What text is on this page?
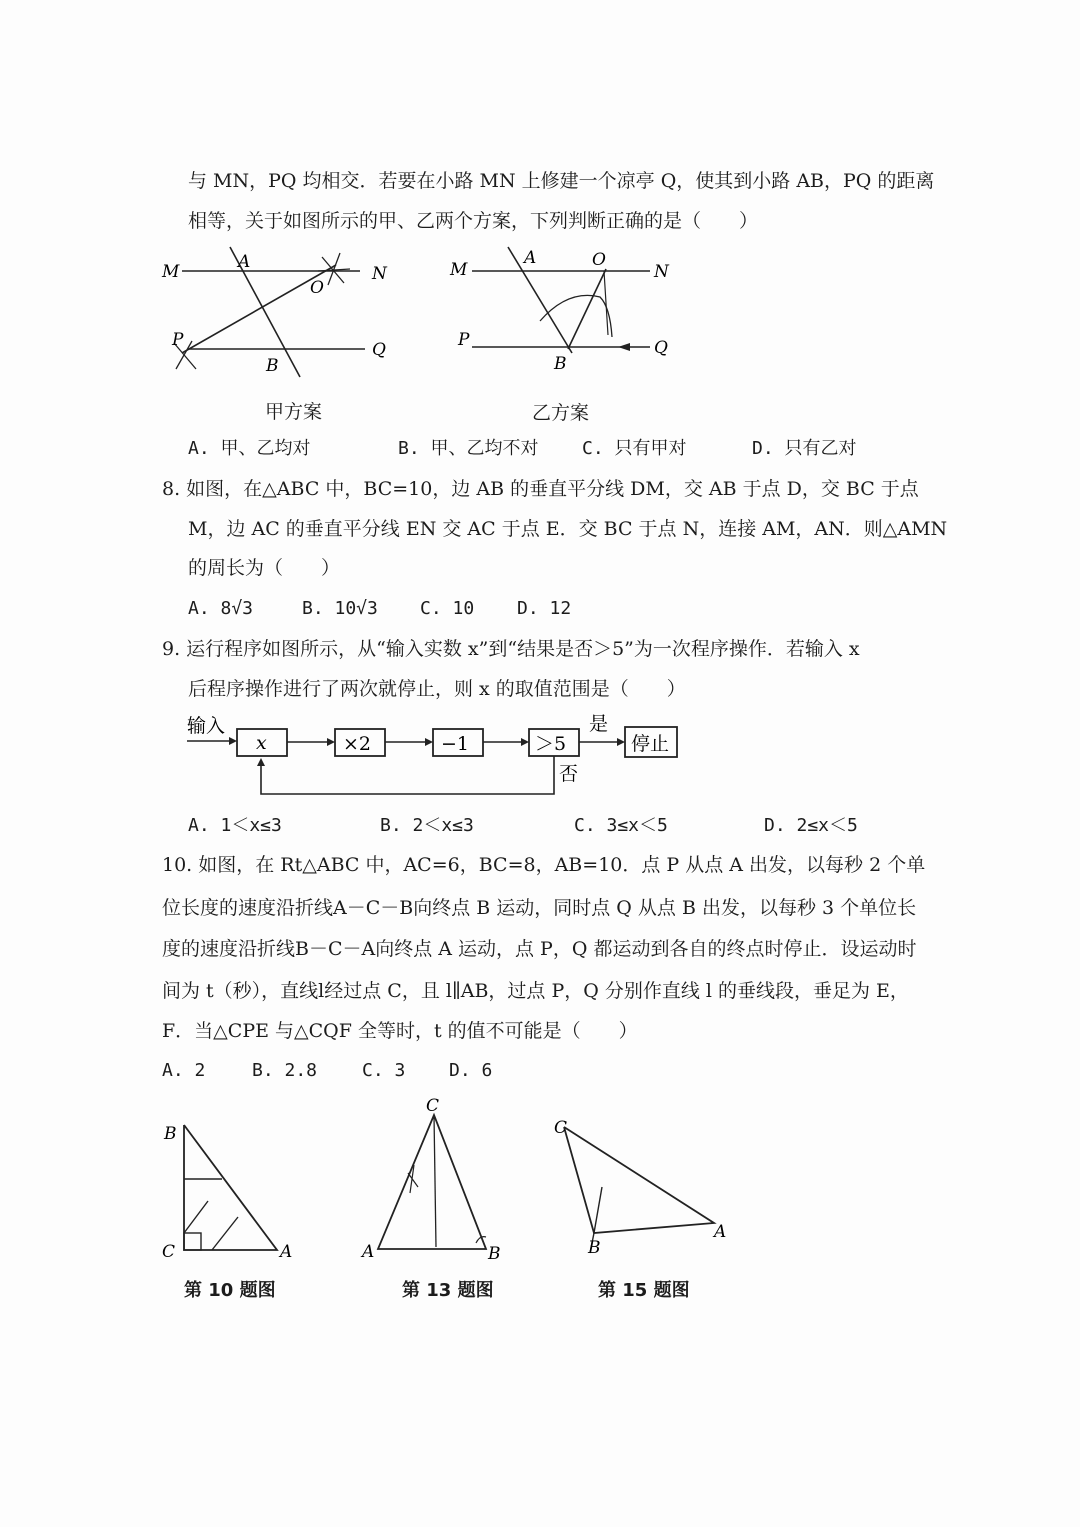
与 MN，PQ 均相交．若要在小路 MN 上修建一个凉亭 Q，使其到小路 AB，PQ 的距离
相等，关于如图所示的甲、乙两个方案，下列判断正确的是（　　）
M	A
O
N
P
B
Q
甲方案
M
A	O
N
P
B
Q
乙方案
A. 甲、乙均对	B. 甲、乙均不对 C. 只有甲对	D. 只有乙对
8. 如图，在△ABC 中，BC=10，边 AB 的垂直平分线 DM，交 AB 于点 D，交 BC 于点
M，边 AC 的垂直平分线 EN 交 AC 于点 E．交 BC 于点 N，连接 AM，AN．则△AMN
的周长为（　　）
A. 8√3	B. 10√3 C. 10 D. 12
9. 运行程序如图所示，从“输入实数 x”到“结果是否＞5”为一次程序操作．若输入 x
后程序操作进行了两次就停止，则 x 的取值范围是（　　）
输入
x	×2	−1	＞5
是
停止
否
A. 1＜x≤3	B. 2＜x≤3	C. 3≤x＜5	D. 2≤x＜5
10. 如图，在 Rt△ABC 中，AC=6，BC=8，AB=10．点 P 从点 A 出发，以每秒 2 个单
位长度的速度沿折线A－C－B向终点 B 运动，同时点 Q 从点 B 出发，以每秒 3 个单位长
度的速度沿折线B－C－A向终点 A 运动，点 P，Q 都运动到各自的终点时停止．设运动时
间为 t（秒），直线l经过点 C，且 l∥AB，过点 P，Q 分别作直线 l 的垂线段，垂足为 E，
F．当△CPE 与△CQF 全等时，t 的值不可能是（　　）
A. 2	B. 2.8 C. 3 D. 6
B
C	A
第 10 题图
C
A	B
第 13 题图
C
B
A
第 15 题图
